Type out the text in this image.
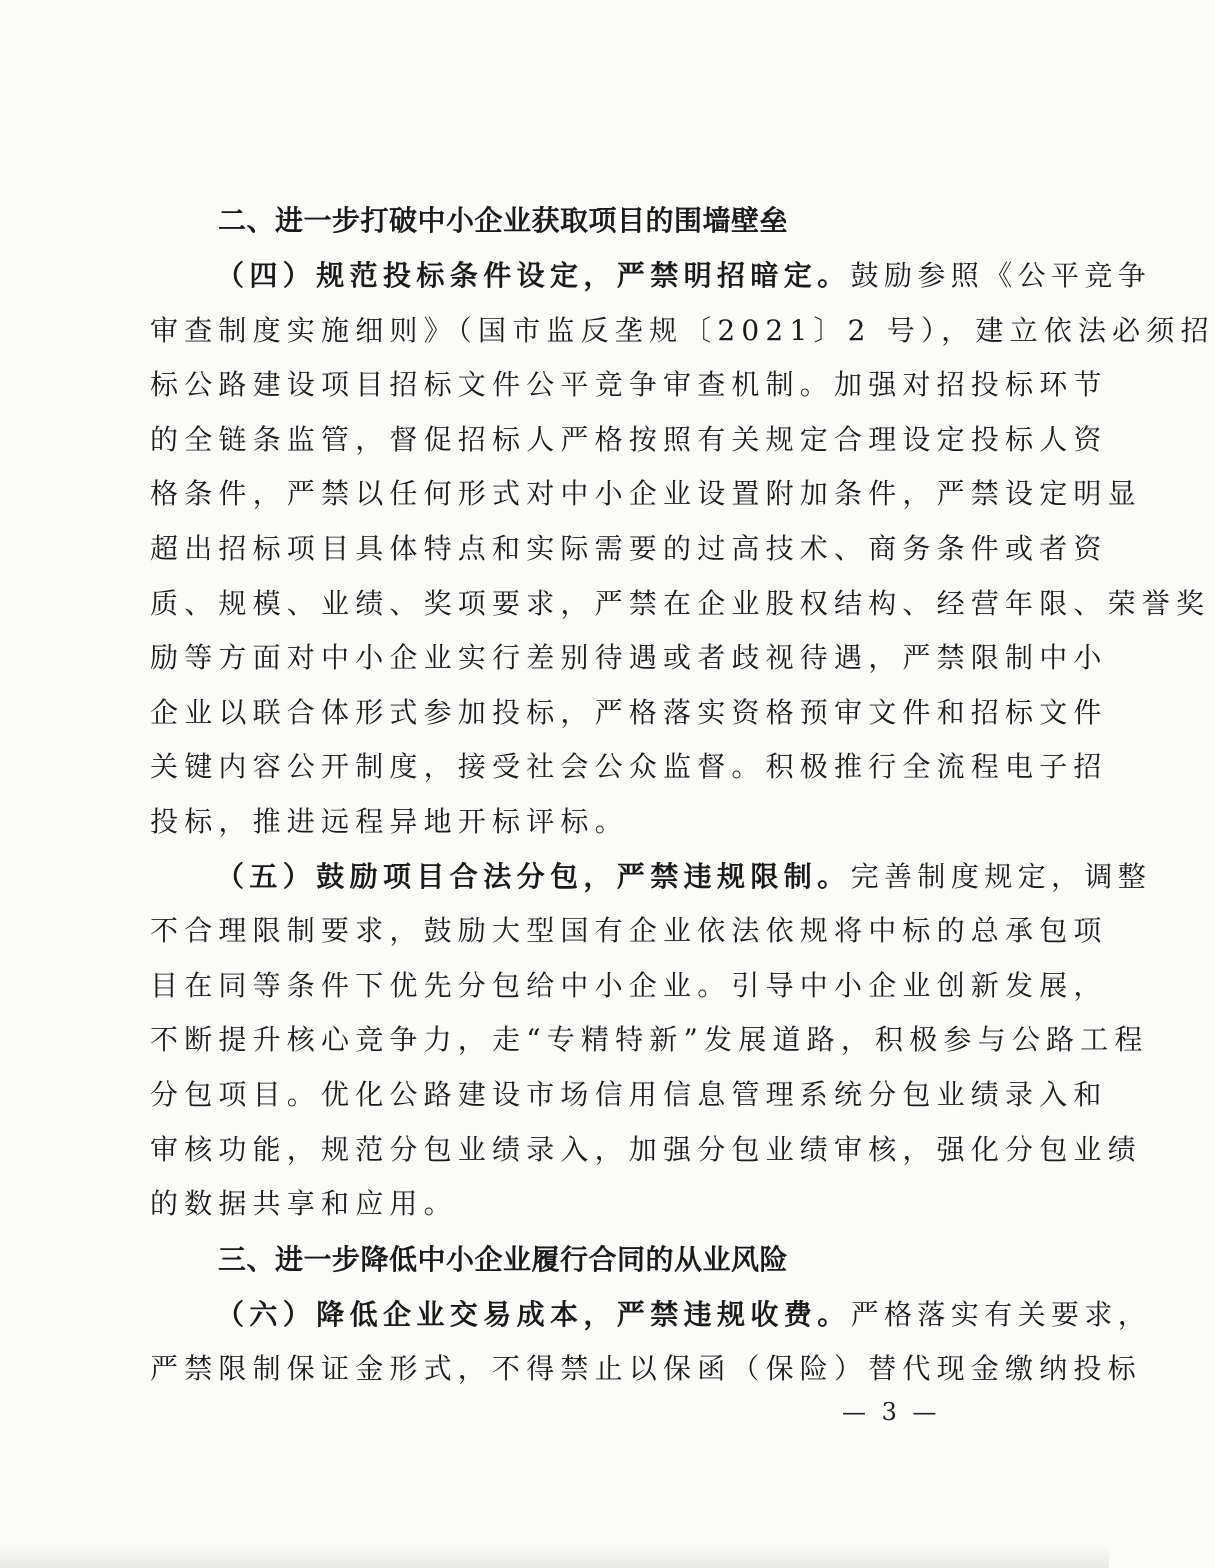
二、进一步打破中小企业获取项目的围墙壁垒

（四）规范投标条件设定，严禁明招暗定。鼓励参照《公平竞争

审查制度实施细则》（国市监反垄规〔2021〕2 号），建立依法必须招

标公路建设项目招标文件公平竞争审查机制。加强对招投标环节

的全链条监管，督促招标人严格按照有关规定合理设定投标人资

格条件，严禁以任何形式对中小企业设置附加条件，严禁设定明显

超出招标项目具体特点和实际需要的过高技术、商务条件或者资

质、规模、业绩、奖项要求，严禁在企业股权结构、经营年限、荣誉奖

励等方面对中小企业实行差别待遇或者歧视待遇，严禁限制中小

企业以联合体形式参加投标，严格落实资格预审文件和招标文件

关键内容公开制度，接受社会公众监督。积极推行全流程电子招

投标，推进远程异地开标评标。

（五）鼓励项目合法分包，严禁违规限制。完善制度规定，调整

不合理限制要求，鼓励大型国有企业依法依规将中标的总承包项

目在同等条件下优先分包给中小企业。引导中小企业创新发展，

不断提升核心竞争力，走“专精特新”发展道路，积极参与公路工程

分包项目。优化公路建设市场信用信息管理系统分包业绩录入和

审核功能，规范分包业绩录入，加强分包业绩审核，强化分包业绩

的数据共享和应用。

三、进一步降低中小企业履行合同的从业风险

（六）降低企业交易成本，严禁违规收费。严格落实有关要求，

严禁限制保证金形式，不得禁止以保函（保险）替代现金缴纳投标

— 3 —
